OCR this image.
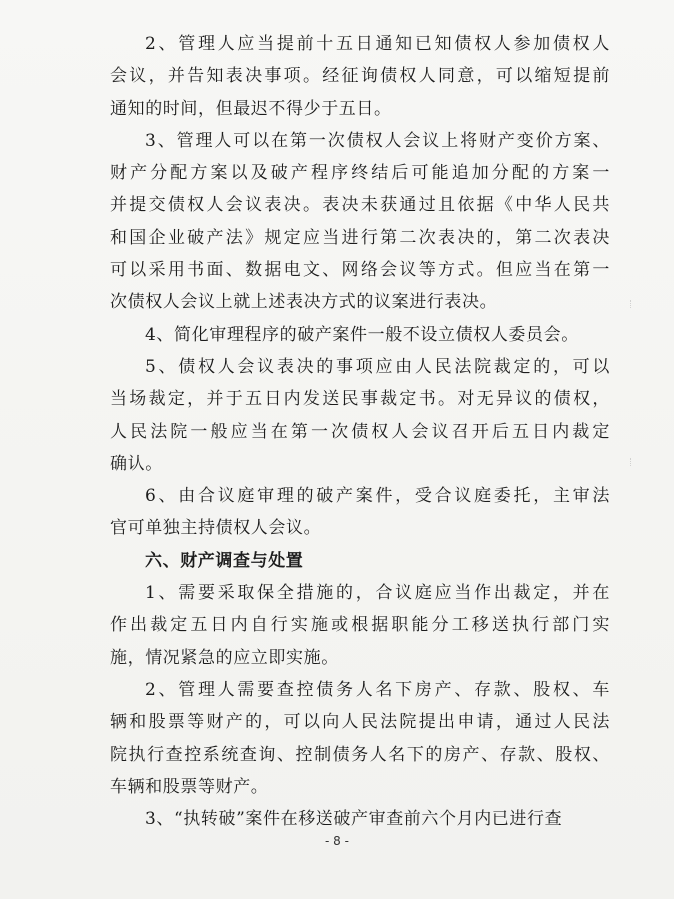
2、管理人应当提前十五日通知已知债权人参加债权人
会议，并告知表决事项。经征询债权人同意，可以缩短提前
通知的时间，但最迟不得少于五日。
3、管理人可以在第一次债权人会议上将财产变价方案、
财产分配方案以及破产程序终结后可能追加分配的方案一
并提交债权人会议表决。表决未获通过且依据《中华人民共
和国企业破产法》规定应当进行第二次表决的，第二次表决
可以采用书面、数据电文、网络会议等方式。但应当在第一
次债权人会议上就上述表决方式的议案进行表决。
4、简化审理程序的破产案件一般不设立债权人委员会。
5、债权人会议表决的事项应由人民法院裁定的，可以
当场裁定，并于五日内发送民事裁定书。对无异议的债权，
人民法院一般应当在第一次债权人会议召开后五日内裁定
确认。
6、由合议庭审理的破产案件，受合议庭委托，主审法
官可单独主持债权人会议。
六、财产调查与处置
1、需要采取保全措施的，合议庭应当作出裁定，并在
作出裁定五日内自行实施或根据职能分工移送执行部门实
施，情况紧急的应立即实施。
2、管理人需要查控债务人名下房产、存款、股权、车
辆和股票等财产的，可以向人民法院提出申请，通过人民法
院执行查控系统查询、控制债务人名下的房产、存款、股权、
车辆和股票等财产。
3、“执转破”案件在移送破产审查前六个月内已进行查
- 8 -
